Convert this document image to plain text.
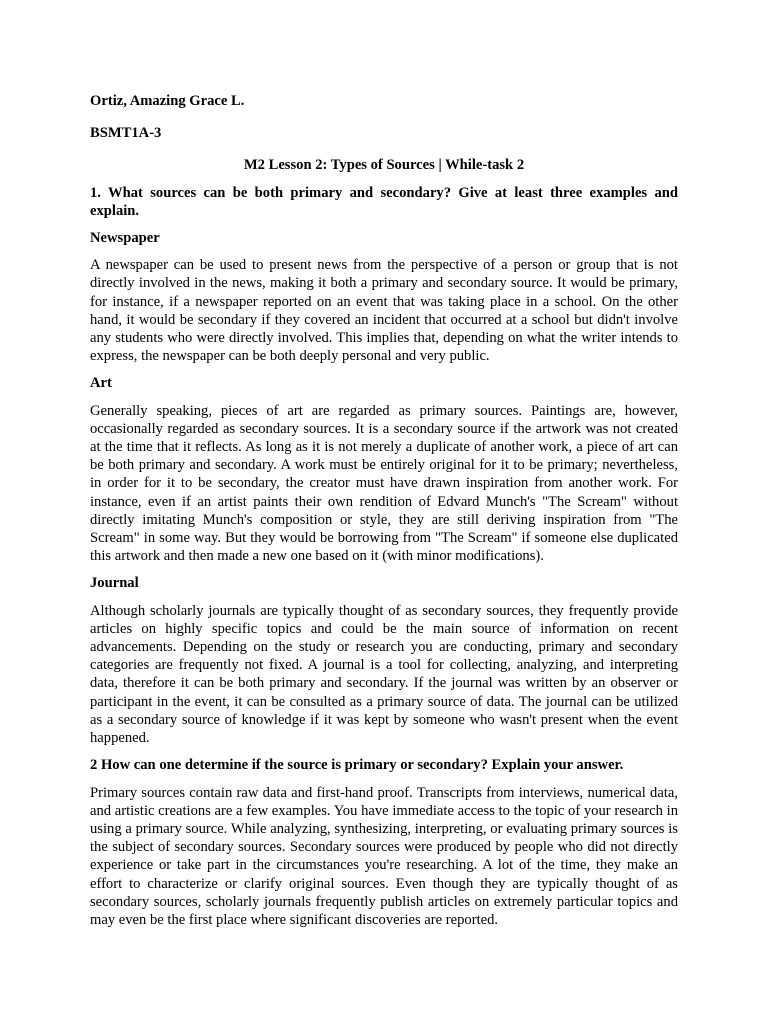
Ortiz, Amazing Grace L.
BSMT1A-3
M2 Lesson 2: Types of Sources | While-task 2
1. What sources can be both primary and secondary? Give at least three examples and explain.
Newspaper
A newspaper can be used to present news from the perspective of a person or group that is not directly involved in the news, making it both a primary and secondary source. It would be primary, for instance, if a newspaper reported on an event that was taking place in a school. On the other hand, it would be secondary if they covered an incident that occurred at a school but didn't involve any students who were directly involved. This implies that, depending on what the writer intends to express, the newspaper can be both deeply personal and very public.
Art
Generally speaking, pieces of art are regarded as primary sources. Paintings are, however, occasionally regarded as secondary sources. It is a secondary source if the artwork was not created at the time that it reflects. As long as it is not merely a duplicate of another work, a piece of art can be both primary and secondary. A work must be entirely original for it to be primary; nevertheless, in order for it to be secondary, the creator must have drawn inspiration from another work. For instance, even if an artist paints their own rendition of Edvard Munch's "The Scream" without directly imitating Munch's composition or style, they are still deriving inspiration from "The Scream" in some way. But they would be borrowing from "The Scream" if someone else duplicated this artwork and then made a new one based on it (with minor modifications).
Journal
Although scholarly journals are typically thought of as secondary sources, they frequently provide articles on highly specific topics and could be the main source of information on recent advancements. Depending on the study or research you are conducting, primary and secondary categories are frequently not fixed. A journal is a tool for collecting, analyzing, and interpreting data, therefore it can be both primary and secondary. If the journal was written by an observer or participant in the event, it can be consulted as a primary source of data. The journal can be utilized as a secondary source of knowledge if it was kept by someone who wasn't present when the event happened.
2 How can one determine if the source is primary or secondary? Explain your answer.
Primary sources contain raw data and first-hand proof. Transcripts from interviews, numerical data, and artistic creations are a few examples. You have immediate access to the topic of your research in using a primary source. While analyzing, synthesizing, interpreting, or evaluating primary sources is the subject of secondary sources. Secondary sources were produced by people who did not directly experience or take part in the circumstances you're researching. A lot of the time, they make an effort to characterize or clarify original sources. Even though they are typically thought of as secondary sources, scholarly journals frequently publish articles on extremely particular topics and may even be the first place where significant discoveries are reported.
